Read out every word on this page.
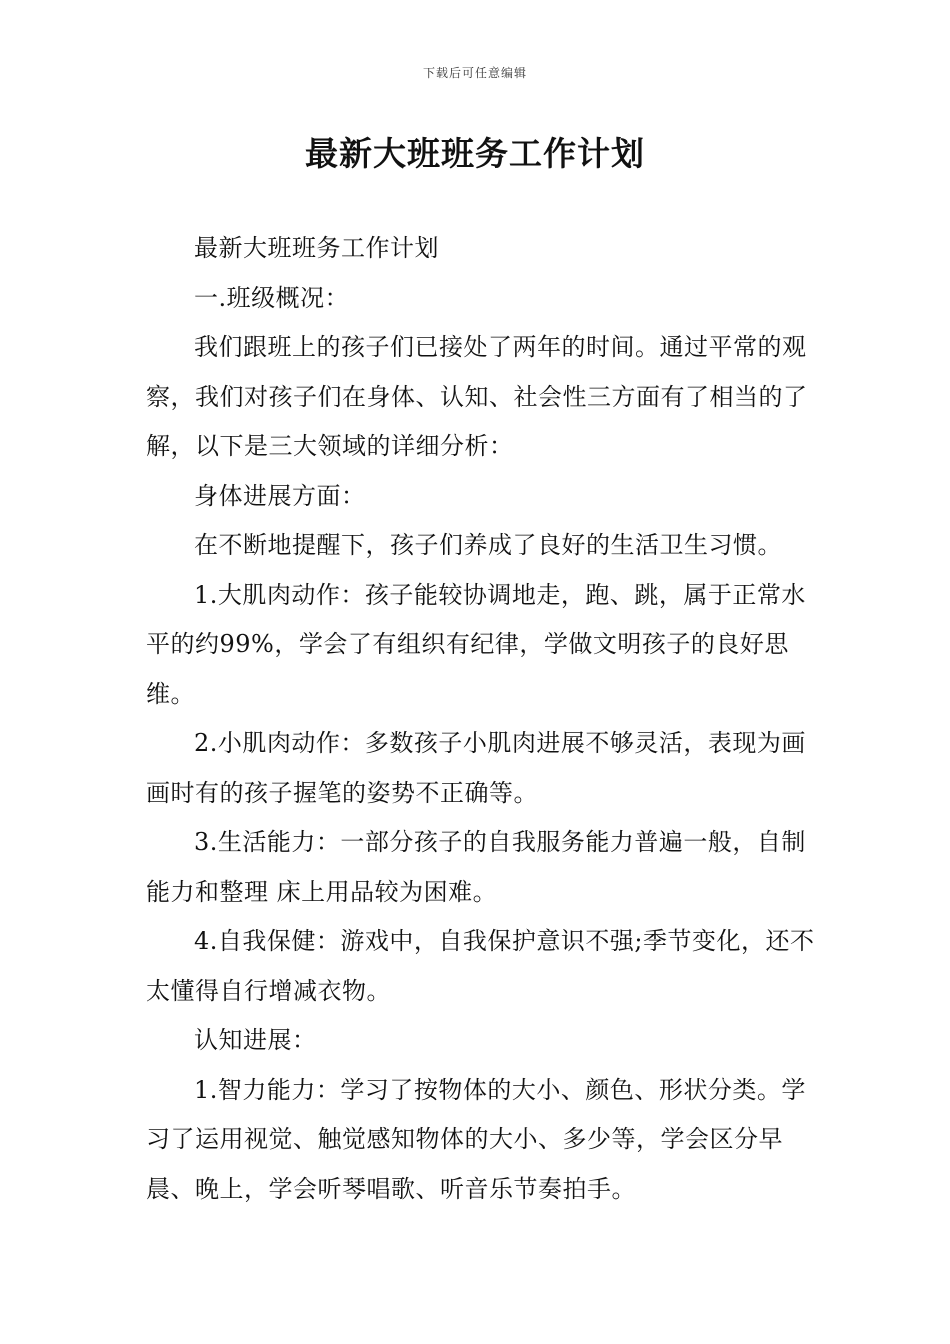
下载后可任意编辑
最新大班班务工作计划

最新大班班务工作计划

一.班级概况：

我们跟班上的孩子们已接处了两年的时间。通过平常的观察，我们对孩子们在身体、认知、社会性三方面有了相当的了解，以下是三大领域的详细分析：

身体进展方面：

在不断地提醒下，孩子们养成了良好的生活卫生习惯。

1.大肌肉动作：孩子能较协调地走，跑、跳，属于正常水平的约99%，学会了有组织有纪律，学做文明孩子的良好思维。

2.小肌肉动作：多数孩子小肌肉进展不够灵活，表现为画画时有的孩子握笔的姿势不正确等。

3.生活能力：一部分孩子的自我服务能力普遍一般，自制能力和整理 床上用品较为困难。

4.自我保健：游戏中，自我保护意识不强;季节变化，还不太懂得自行增减衣物。

认知进展：

1.智力能力：学习了按物体的大小、颜色、形状分类。学习了运用视觉、触觉感知物体的大小、多少等，学会区分早晨、晚上，学会听琴唱歌、听音乐节奏拍手。
